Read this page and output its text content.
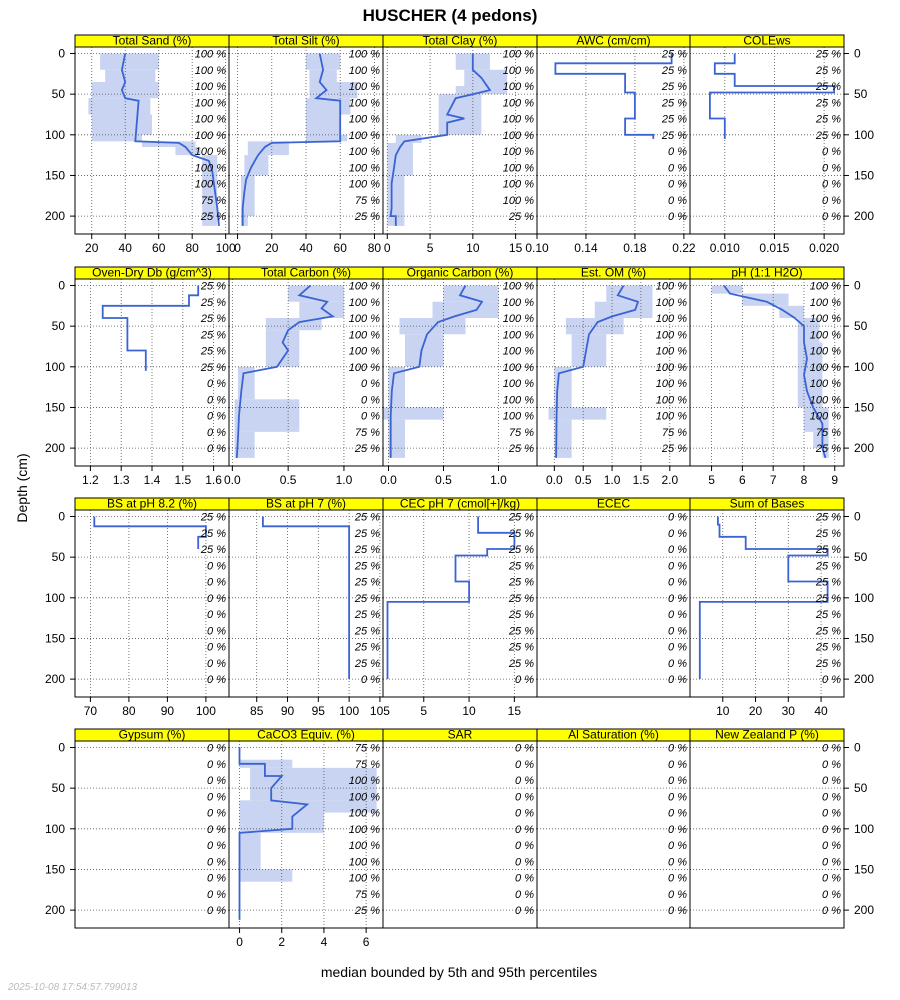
HUSCHER (4 pedons)
Total Sand (%)
100 %
100 %
100 %
100 %
100 %
100 %
100 %
100 %
100 %
75 %
25 %
20 40 60 80 100
0
50
100
150
200
Total Silt (%)
100 %
100 %
100 %
100 %
100 %
100 %
100 %
100 %
100 %
75 %
25 %
0 20 40 60 80
Total Clay (%)
100 %
100 %
100 %
100 %
100 %
100 %
100 %
100 %
100 %
100 %
25 %
0	5	10 15
AWC (cm/cm)
25 %
25 %
25 %
25 %
25 %
25 %
0 %
0 %
0 %
0 %
0 %
0.10 0.14 0.18 0.22
COLEws
25 %
25 %
25 %
25 %
25 %
25 %
0 %
0 %
0 %
0 %
0 %
0.010 0.015 0.020
0
50
100
150
200
Oven-Dry Db (g/cm^3)
25 %
25 %
25 %
25 %
25 %
25 %
0 %
0 %
0 %
0 %
0 %
1.2 1.3 1.4 1.5 1.6
0
50
100
150
200
Total Carbon (%)
100 %
100 %
100 %
100 %
100 %
100 %
0 %
0 %
0 %
75 %
25 %
0.0	0.5	1.0
Organic Carbon (%)
100 %
100 %
100 %
100 %
100 %
100 %
100 %
100 %
100 %
75 %
25 %
0.0	0.5	1.0
Est. OM (%)
100 %
100 %
100 %
100 %
100 %
100 %
100 %
100 %
100 %
75 %
25 %
0.0 0.5 1.0 1.5 2.0
pH (1:1 H2O)
100 %
100 %
100 %
100 %
100 %
100 %
100 %
100 %
100 %
75 %
25 %
5 6 7 8 9
0
50
100
150
200
BS at pH 8.2 (%)
25 %
25 %
25 %
0 %
0 %
0 %
0 %
0 %
0 %
0 %
0 %
70 80 90 100
0
50
100
150
200
BS at pH 7 (%)
25 %
25 %
25 %
25 %
25 %
25 %
25 %
25 %
25 %
25 %
0 %
85 90 95 100 105
CEC pH 7 (cmol[+]/kg)
25 %
25 %
25 %
25 %
25 %
25 %
25 %
25 %
25 %
25 %
0 %
5	10	15
ECEC
0 %
0 %
0 %
0 %
0 %
0 %
0 %
0 %
0 %
0 %
0 %
Sum of Bases
25 %
25 %
25 %
25 %
25 %
25 %
25 %
25 %
25 %
25 %
0 %
10 20 30 40
0
50
100
150
200
Gypsum (%)
0 %
0 %
0 %
0 %
0 %
0 %
0 %
0 %
0 %
0 %
0 %
0
50
100
150
200
CaCO3 Equiv. (%)
75 %
75 %
100 %
100 %
100 %
100 %
100 %
100 %
100 %
75 %
25 %
0	2	4	6
SAR
0 %
0 %
0 %
0 %
0 %
0 %
0 %
0 %
0 %
0 %
0 %
Al Saturation (%)
0 %
0 %
0 %
0 %
0 %
0 %
0 %
0 %
0 %
0 %
0 %
New Zealand P (%)
0 %
0 %
0 %
0 %
0 %
0 %
0 %
0 %
0 %
0 %
0 %
0
50
100
150
200
Depth (cm)
median bounded by 5th and 95th percentiles
2025-10-08 17:54:57.799013
